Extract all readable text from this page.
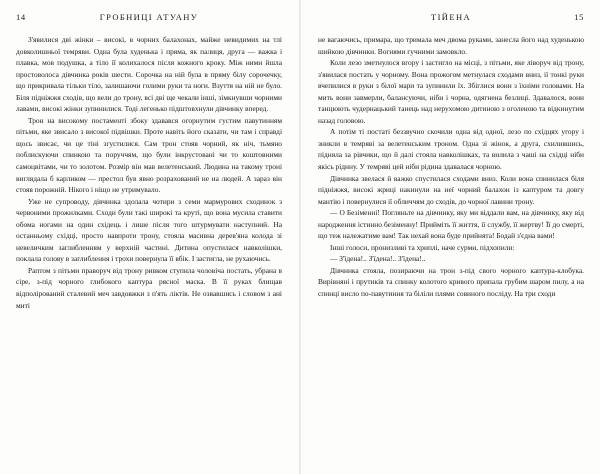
14	ГРОБНИЦІ АТУАНУ

З'явилися дві жінки – високі, в чорних балахонах, майже невидимих на тлі довколишньої темряви. Одна була худенька і пряма, як палиця, друга — важка і плавка, мов подушка, а тіло її колихалося після кожного кроку. Між ними йшла простоволоса дівчинка років шести. Сорочка на ній була в пряму білу сорочечку, що прикривала тільки тіло, залишаючи голими руки та ноги. Взуття на ній не було. Біля підніжжя сходів, що вели до трону, всі дві ще чекали інші, зімкнувши чорними лавами, високі жінки зупинилися. Тоді легенько підштовхнули дівчинку вперед.

Трон на високому постаменті збоку здавався огорнутим густим павутинням пітьми, яке звисало з високої підвішки. Проте навіть його сказати, чи там і справді щось звисає, чи це тіні згустилися. Сам трон стояв чорний, як ніч, тьмяно поблискуючи спинкою та поруччям, що були інкрустовані чи то коштовними самоцвітами, чи то золотом. Розмір він мав велетенський. Людина на такому троні виглядала б карликом — престол був явно розрахований не на людей. А зараз він стояв порожній. Нікого і ніщо не утримувало.

Уже не супроводу, дівчинка здолала чотири з семи мармурових сходинок з червоними прожилками. Сходи були такі широкі та круті, що вона мусила ставити обома ногами на один східець і лише після того штурмувати наступний. На останньому східці, просто навпроти трону, стояла масивна дерев'яна колода зі невеличким заглибленням у верхній частині. Дитина опустилася навколішки, поклала голову в заглиблення і трохи повернула її вбік. І застигла, не рухаючись.

Раптом з пітьми праворуч від трону ривком ступила чоловіча постать, убрана в сіре, з-під чорного глибокого каптура рясної маска. В її руках блищав відполірований сталевий меч завдовжки з п'ять ліктів. Не озвавшись і словом з ані миті

ТІЙЕНА	15

не вагаючись, примара, що тримала меч двома руками, занесла його над худенькою шийкою дівчинки. Вогнями гучними замовкло.

Коли лезо зметнулося вгору і застигло на місці, з пітьми, яке ліворуч від трону, з'явилася постать у чорному. Вона прожогом метнулася сходами вниз, ії тонкі руки вчепилися в руки з білої мари та зупинили їх. Збіглися вони з їхніми головами. На мить вони завмерли, балансуючи, ніби і чорна, одягнена безлиці. Здавалося, вони танцюють чудернацький танець над нерухомою дитиною з оголеною та відкинутим назад головою.

А потім ті постаті беззвучно скочили одна від одної, лезо по східцях угору і зникли в темряві за велетенським троном. Одна зі жінок, а друга, схилившись, підняла за рівчики, що й далі стояла навколішках, та вилила з чаші на східці ніби якісь рідину. У темряві цей ніби рідина здавалася чорною.

Дівчинка звелася й важко спустилася сходами вниз. Коли вона спинилася біля підніжжя, високі жриці накинули на неї чорний балахон із каптуром та довгу мантію і повернулися ії обличчям до сходів, до чорної лавини трону.

— О Безіменні! Погляньте на дівчинку, яку ми віддали вам, на дівчинку, яку від народження істинно безіменну! Прийміть її життя, ії службу, її жертву! Її до смерті, що теж належатиме вам! Так нехай вона буде прийнята! Бодай з'єдна вами!

Інші голоси, пронизливі та хриплі, наче сурми, підхопили:

— З'їдена!.. З'їдена!.. З'їдена!..

Дівчинка стояла, позираючи на трон з-під свого чорного каптура-клобука. Вирівняні і прутиків та спинку колотого кривого припала грубим шаром пилу, а на спинці висло по-павутиння та біліли плями совиного посліду. На три сходи
